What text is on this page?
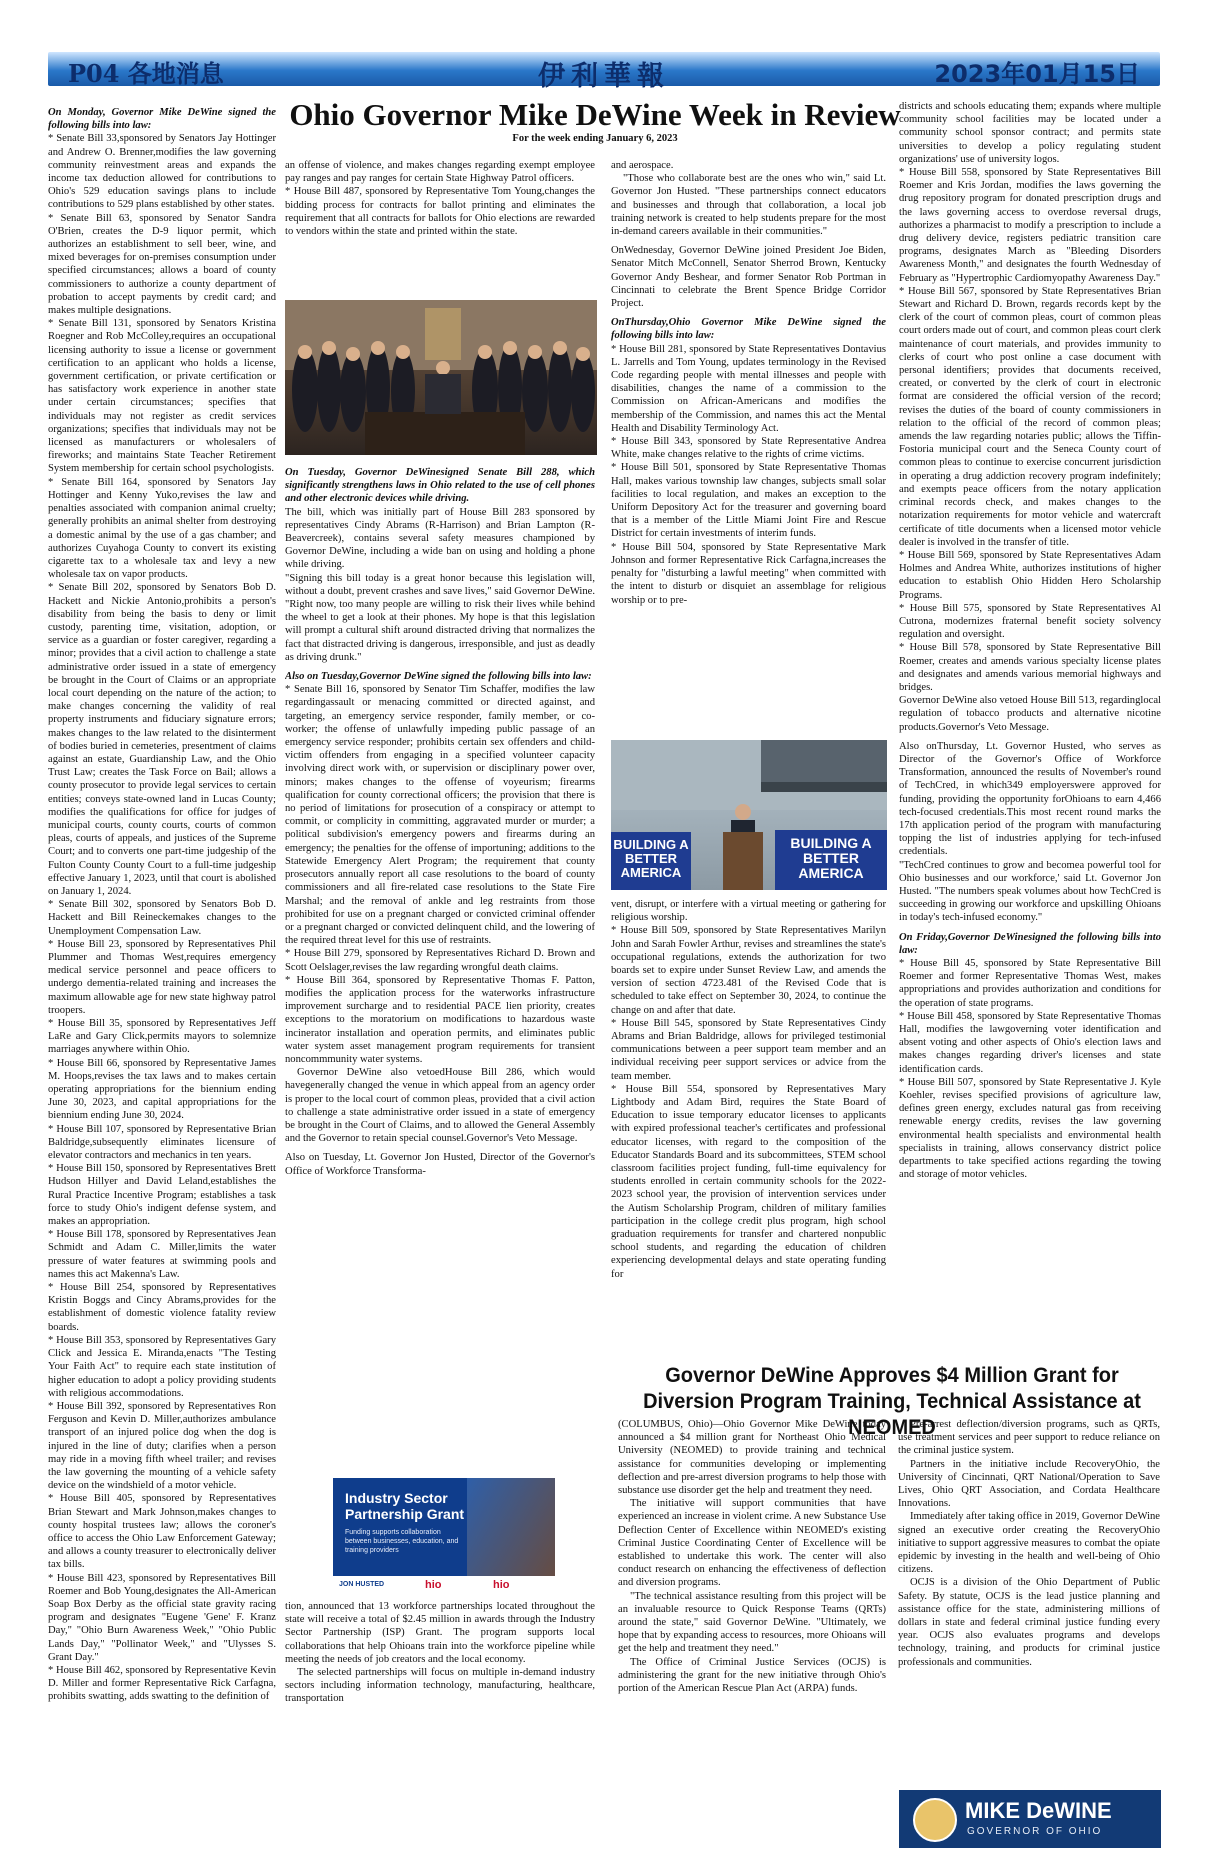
P04 各地消息	伊利華報	2023年01月15日
Ohio Governor Mike DeWine Week in Review
For the week ending January 6, 2023

On Monday, Governor Mike DeWine signed the following bills into law:

* Senate Bill 33,sponsored by Senators Jay Hottinger and Andrew O. Brenner,modifies the law governing community reinvestment areas and expands the income tax deduction allowed for contributions to Ohio's 529 education savings plans to include contributions to 529 plans established by other states.

* Senate Bill 63, sponsored by Senator Sandra O'Brien, creates the D-9 liquor permit, which authorizes an establishment to sell beer, wine, and mixed beverages for on-premises consumption under specified circumstances; allows a board of county commissioners to authorize a county department of probation to accept payments by credit card; and makes multiple designations.

* Senate Bill 131, sponsored by Senators Kristina Roegner and Rob McColley,requires an occupational licensing authority to issue a license or government certification to an applicant who holds a license, government certification, or private certification or has satisfactory work experience in another state under certain circumstances; specifies that individuals may not register as credit services organizations; specifies that individuals may not be licensed as manufacturers or wholesalers of fireworks; and maintains State Teacher Retirement System membership for certain school psychologists.

* Senate Bill 164, sponsored by Senators Jay Hottinger and Kenny Yuko,revises the law and penalties associated with companion animal cruelty; generally prohibits an animal shelter from destroying a domestic animal by the use of a gas chamber; and authorizes Cuyahoga County to convert its existing cigarette tax to a wholesale tax and levy a new wholesale tax on vapor products.

* Senate Bill 202, sponsored by Senators Bob D. Hackett and Nickie Antonio,prohibits a person's disability from being the basis to deny or limit custody, parenting time, visitation, adoption, or service as a guardian or foster caregiver, regarding a minor; provides that a civil action to challenge a state administrative order issued in a state of emergency be brought in the Court of Claims or an appropriate local court depending on the nature of the action; to make changes concerning the validity of real property instruments and fiduciary signature errors; makes changes to the law related to the disinterment of bodies buried in cemeteries, presentment of claims against an estate, Guardianship Law, and the Ohio Trust Law; creates the Task Force on Bail; allows a county prosecutor to provide legal services to certain entities; conveys state-owned land in Lucas County; modifies the qualifications for office for judges of municipal courts, county courts, courts of common pleas, courts of appeals, and justices of the Supreme Court; and to converts one part-time judgeship of the Fulton County County Court to a full-time judgeship effective January 1, 2023, until that court is abolished on January 1, 2024.

* Senate Bill 302, sponsored by Senators Bob D. Hackett and Bill Reineckemakes changes to the Unemployment Compensation Law.

* House Bill 23, sponsored by Representatives Phil Plummer and Thomas West,requires emergency medical service personnel and peace officers to undergo dementia-related training and increases the maximum allowable age for new state highway patrol troopers.

* House Bill 35, sponsored by Representatives Jeff LaRe and Gary Click,permits mayors to solemnize marriages anywhere within Ohio.

* House Bill 66, sponsored by Representative James M. Hoops,revises the tax laws and to makes certain operating appropriations for the biennium ending June 30, 2023, and capital appropriations for the biennium ending June 30, 2024.

* House Bill 107, sponsored by Representative Brian Baldridge,subsequently eliminates licensure of elevator contractors and mechanics in ten years.

* House Bill 150, sponsored by Representatives Brett Hudson Hillyer and David Leland,establishes the Rural Practice Incentive Program; establishes a task force to study Ohio's indigent defense system, and makes an appropriation.

* House Bill 178, sponsored by Representatives Jean Schmidt and Adam C. Miller,limits the water pressure of water features at swimming pools and names this act Makenna's Law.

* House Bill 254, sponsored by Representatives Kristin Boggs and Cincy Abrams,provides for the establishment of domestic violence fatality review boards.

* House Bill 353, sponsored by Representatives Gary Click and Jessica E. Miranda,enacts "The Testing Your Faith Act" to require each state institution of higher education to adopt a policy providing students with religious accommodations.

* House Bill 392, sponsored by Representatives Ron Ferguson and Kevin D. Miller,authorizes ambulance transport of an injured police dog when the dog is injured in the line of duty; clarifies when a person may ride in a moving fifth wheel trailer; and revises the law governing the mounting of a vehicle safety device on the windshield of a motor vehicle.

* House Bill 405, sponsored by Representatives Brian Stewart and Mark Johnson,makes changes to county hospital trustees law; allows the coroner's office to access the Ohio Law Enforcement Gateway; and allows a county treasurer to electronically deliver tax bills.

* House Bill 423, sponsored by Representatives Bill Roemer and Bob Young,designates the All-American Soap Box Derby as the official state gravity racing program and designates "Eugene 'Gene' F. Kranz Day," "Ohio Burn Awareness Week," "Ohio Public Lands Day," "Pollinator Week," and "Ulysses S. Grant Day."

* House Bill 462, sponsored by Representative Kevin D. Miller and former Representative Rick Carfagna, prohibits swatting, adds swatting to the definition of

an offense of violence, and makes changes regarding exempt employee pay ranges and pay ranges for certain State Highway Patrol officers.

* House Bill 487, sponsored by Representative Tom Young,changes the bidding process for contracts for ballot printing and eliminates the requirement that all contracts for ballots for Ohio elections are rewarded to vendors within the state and printed within the state.

On Tuesday, Governor DeWinesigned Senate Bill 288, which significantly strengthens laws in Ohio related to the use of cell phones and other electronic devices while driving.

The bill, which was initially part of House Bill 283 sponsored by representatives Cindy Abrams (R-Harrison) and Brian Lampton (R-Beavercreek), contains several safety measures championed by Governor DeWine, including a wide ban on using and holding a phone while driving.

"Signing this bill today is a great honor because this legislation will, without a doubt, prevent crashes and save lives," said Governor DeWine. "Right now, too many people are willing to risk their lives while behind the wheel to get a look at their phones. My hope is that this legislation will prompt a cultural shift around distracted driving that normalizes the fact that distracted driving is dangerous, irresponsible, and just as deadly as driving drunk."

Also on Tuesday,Governor DeWine signed the following bills into law:

* Senate Bill 16, sponsored by Senator Tim Schaffer, modifies the law regardingassault or menacing committed or directed against, and targeting, an emergency service responder, family member, or co-worker; the offense of unlawfully impeding public passage of an emergency service responder; prohibits certain sex offenders and child-victim offenders from engaging in a specified volunteer capacity involving direct work with, or supervision or disciplinary power over, minors; makes changes to the offense of voyeurism; firearms qualification for county correctional officers; the provision that there is no period of limitations for prosecution of a conspiracy or attempt to commit, or complicity in committing, aggravated murder or murder; a political subdivision's emergency powers and firearms during an emergency; the penalties for the offense of importuning; additions to the Statewide Emergency Alert Program; the requirement that county prosecutors annually report all case resolutions to the board of county commissioners and all fire-related case resolutions to the State Fire Marshal; and the removal of ankle and leg restraints from those prohibited for use on a pregnant charged or convicted criminal offender or a pregnant charged or convicted delinquent child, and the lowering of the required threat level for this use of restraints.

* House Bill 279, sponsored by Representatives Richard D. Brown and Scott Oelslager,revises the law regarding wrongful death claims.

* House Bill 364, sponsored by Representative Thomas F. Patton, modifies the application process for the waterworks infrastructure improvement surcharge and to residential PACE lien priority, creates exceptions to the moratorium on modifications to hazardous waste incinerator installation and operation permits, and eliminates public water system asset management program requirements for transient noncommmunity water systems.

Governor DeWine also vetoedHouse Bill 286, which would havegenerally changed the venue in which appeal from an agency order is proper to the local court of common pleas, provided that a civil action to challenge a state administrative order issued in a state of emergency be brought in the Court of Claims, and to allowed the General Assembly and the Governor to retain special counsel.Governor's Veto Message.

Also on Tuesday, Lt. Governor Jon Husted, Director of the Governor's Office of Workforce Transforma-

Industry Sector Partnership Grant
Funding supports collaboration between businesses, education, and training providers
JON HUSTED	hio	hio

tion, announced that 13 workforce partnerships located throughout the state will receive a total of $2.45 million in awards through the Industry Sector Partnership (ISP) Grant. The program supports local collaborations that help Ohioans train into the workforce pipeline while meeting the needs of job creators and the local economy.

The selected partnerships will focus on multiple in-demand industry sectors including information technology, manufacturing, healthcare, transportation

and aerospace.

"Those who collaborate best are the ones who win," said Lt. Governor Jon Husted. "These partnerships connect educators and businesses and through that collaboration, a local job training network is created to help students prepare for the most in-demand careers available in their communities."

OnWednesday, Governor DeWine joined President Joe Biden, Senator Mitch McConnell, Senator Sherrod Brown, Kentucky Governor Andy Beshear, and former Senator Rob Portman in Cincinnati to celebrate the Brent Spence Bridge Corridor Project.

OnThursday,Ohio Governor Mike DeWine signed the following bills into law:

* House Bill 281, sponsored by State Representatives Dontavius L. Jarrells and Tom Young, updates terminology in the Revised Code regarding people with mental illnesses and people with disabilities, changes the name of a commission to the Commission on African-Americans and modifies the membership of the Commission, and names this act the Mental Health and Disability Terminology Act.

* House Bill 343, sponsored by State Representative Andrea White, make changes relative to the rights of crime victims.

* House Bill 501, sponsored by State Representative Thomas Hall, makes various township law changes, subjects small solar facilities to local regulation, and makes an exception to the Uniform Depository Act for the treasurer and governing board that is a member of the Little Miami Joint Fire and Rescue District for certain investments of interim funds.

* House Bill 504, sponsored by State Representative Mark Johnson and former Representative Rick Carfagna,increases the penalty for "disturbing a lawful meeting" when committed with the intent to disturb or disquiet an assemblage for religious worship or to pre-

BUILDING A
BETTER
AMERICA
BUILDING A
BETTER
AMERICA

vent, disrupt, or interfere with a virtual meeting or gathering for religious worship.

* House Bill 509, sponsored by State Representatives Marilyn John and Sarah Fowler Arthur, revises and streamlines the state's occupational regulations, extends the authorization for two boards set to expire under Sunset Review Law, and amends the version of section 4723.481 of the Revised Code that is scheduled to take effect on September 30, 2024, to continue the change on and after that date.

* House Bill 545, sponsored by State Representatives Cindy Abrams and Brian Baldridge, allows for privileged testimonial communications between a peer support team member and an individual receiving peer support services or advice from the team member.

* House Bill 554, sponsored by Representatives Mary Lightbody and Adam Bird, requires the State Board of Education to issue temporary educator licenses to applicants with expired professional teacher's certificates and professional educator licenses, with regard to the composition of the Educator Standards Board and its subcommittees, STEM school classroom facilities project funding, full-time equivalency for students enrolled in certain community schools for the 2022-2023 school year, the provision of intervention services under the Autism Scholarship Program, children of military families participation in the college credit plus program, high school graduation requirements for transfer and chartered nonpublic school students, and regarding the education of children experiencing developmental delays and state operating funding for

districts and schools educating them; expands where multiple community school facilities may be located under a community school sponsor contract; and permits state universities to develop a policy regulating student organizations' use of university logos.

* House Bill 558, sponsored by State Representatives Bill Roemer and Kris Jordan, modifies the laws governing the drug repository program for donated prescription drugs and the laws governing access to overdose reversal drugs, authorizes a pharmacist to modify a prescription to include a drug delivery device, registers pediatric transition care programs, designates March as "Bleeding Disorders Awareness Month," and designates the fourth Wednesday of February as "Hypertrophic Cardiomyopathy Awareness Day."

* House Bill 567, sponsored by State Representatives Brian Stewart and Richard D. Brown, regards records kept by the clerk of the court of common pleas, court of common pleas court orders made out of court, and common pleas court clerk maintenance of court materials, and provides immunity to clerks of court who post online a case document with personal identifiers; provides that documents received, created, or converted by the clerk of court in electronic format are considered the official version of the record; revises the duties of the board of county commissioners in relation to the official of the record of common pleas; amends the law regarding notaries public; allows the Tiffin-Fostoria municipal court and the Seneca County court of common pleas to continue to exercise concurrent jurisdiction in operating a drug addiction recovery program indefinitely; and exempts peace officers from the notary application criminal records check, and makes changes to the notarization requirements for motor vehicle and watercraft certificate of title documents when a licensed motor vehicle dealer is involved in the transfer of title.

* House Bill 569, sponsored by State Representatives Adam Holmes and Andrea White, authorizes institutions of higher education to establish Ohio Hidden Hero Scholarship Programs.

* House Bill 575, sponsored by State Representatives Al Cutrona, modernizes fraternal benefit society solvency regulation and oversight.

* House Bill 578, sponsored by State Representative Bill Roemer, creates and amends various specialty license plates and designates and amends various memorial highways and bridges.

Governor DeWine also vetoed House Bill 513, regardinglocal regulation of tobacco products and alternative nicotine products.Governor's Veto Message.

Also onThursday, Lt. Governor Husted, who serves as Director of the Governor's Office of Workforce Transformation, announced the results of November's round of TechCred, in which349 employerswere approved for funding, providing the opportunity forOhioans to earn 4,466 tech-focused credentials.This most recent round marks the 17th application period of the program with manufacturing topping the list of industries applying for tech-infused credentials.

"TechCred continues to grow and becomea powerful tool for Ohio businesses and our workforce,' said Lt. Governor Jon Husted. "The numbers speak volumes about how TechCred is succeeding in growing our workforce and upskilling Ohioans in today's tech-infused economy."

On Friday,Governor DeWinesigned the following bills into law:

* House Bill 45, sponsored by State Representative Bill Roemer and former Representative Thomas West, makes appropriations and provides authorization and conditions for the operation of state programs.

* House Bill 458, sponsored by State Representative Thomas Hall, modifies the lawgoverning voter identification and absent voting and other aspects of Ohio's election laws and makes changes regarding driver's licenses and state identification cards.

* House Bill 507, sponsored by State Representative J. Kyle Koehler, revises specified provisions of agriculture law, defines green energy, excludes natural gas from receiving renewable energy credits, revises the law governing environmental health specialists and environmental health specialists in training, allows conservancy district police departments to take specified actions regarding the towing and storage of motor vehicles.

Governor DeWine Approves $4 Million Grant for Diversion Program Training, Technical Assistance at NEOMED

(COLUMBUS, Ohio)—Ohio Governor Mike DeWine today announced a $4 million grant for Northeast Ohio Medical University (NEOMED) to provide training and technical assistance for communities developing or implementing deflection and pre-arrest diversion programs to help those with substance use disorder get the help and treatment they need.

The initiative will support communities that have experienced an increase in violent crime. A new Substance Use Deflection Center of Excellence within NEOMED's existing Criminal Justice Coordinating Center of Excellence will be established to undertake this work. The center will also conduct research on enhancing the effectiveness of deflection and diversion programs.

"The technical assistance resulting from this project will be an invaluable resource to Quick Response Teams (QRTs) around the state," said Governor DeWine. "Ultimately, we hope that by expanding access to resources, more Ohioans will get the help and treatment they need."

The Office of Criminal Justice Services (OCJS) is administering the grant for the new initiative through Ohio's portion of the American Rescue Plan Act (ARPA) funds.

Pre-arrest deflection/diversion programs, such as QRTs, use treatment services and peer support to reduce reliance on the criminal justice system.

Partners in the initiative include RecoveryOhio, the University of Cincinnati, QRT National/Operation to Save Lives, Ohio QRT Association, and Cordata Healthcare Innovations.

Immediately after taking office in 2019, Governor DeWine signed an executive order creating the RecoveryOhio initiative to support aggressive measures to combat the opiate epidemic by investing in the health and well-being of Ohio citizens.

OCJS is a division of the Ohio Department of Public Safety. By statute, OCJS is the lead justice planning and assistance office for the state, administering millions of dollars in state and federal criminal justice funding every year. OCJS also evaluates programs and develops technology, training, and products for criminal justice professionals and communities.

MIKE DeWINE
GOVERNOR OF OHIO
